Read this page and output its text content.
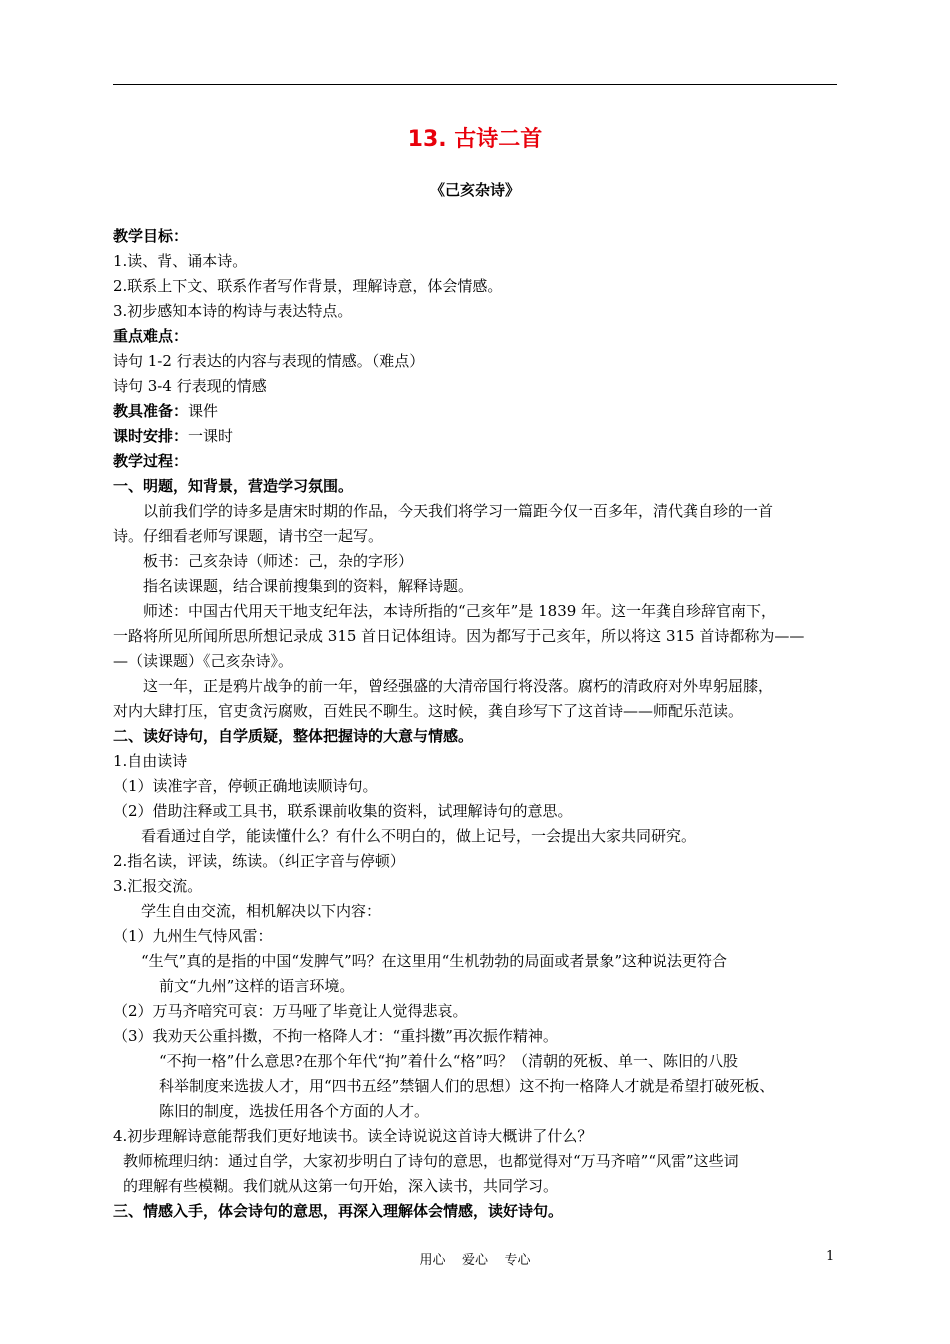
13. 古诗二首
《己亥杂诗》
教学目标：
1.读、背、诵本诗。
2.联系上下文、联系作者写作背景，理解诗意，体会情感。
3.初步感知本诗的构诗与表达特点。
重点难点：
诗句 1-2 行表达的内容与表现的情感。（难点）
诗句 3-4 行表现的情感
教具准备：课件
课时安排：一课时
教学过程：
一、明题，知背景，营造学习氛围。
以前我们学的诗多是唐宋时期的作品，今天我们将学习一篇距今仅一百多年，清代龚自珍的一首
诗。仔细看老师写课题，请书空一起写。
板书：己亥杂诗（师述：己，杂的字形）
指名读课题，结合课前搜集到的资料，解释诗题。
师述：中国古代用天干地支纪年法，本诗所指的“己亥年”是 1839 年。这一年龚自珍辞官南下，
一路将所见所闻所思所想记录成 315 首日记体组诗。因为都写于己亥年，所以将这 315 首诗都称为——
—（读课题）《己亥杂诗》。
这一年，正是鸦片战争的前一年，曾经强盛的大清帝国行将没落。腐朽的清政府对外卑躬屈膝，
对内大肆打压，官吏贪污腐败，百姓民不聊生。这时候，龚自珍写下了这首诗——师配乐范读。
二、读好诗句，自学质疑，整体把握诗的大意与情感。
1.自由读诗
（1）读准字音，停顿正确地读顺诗句。
（2）借助注释或工具书，联系课前收集的资料，试理解诗句的意思。
看看通过自学，能读懂什么？有什么不明白的，做上记号，一会提出大家共同研究。
2.指名读，评读，练读。（纠正字音与停顿）
3.汇报交流。
学生自由交流，相机解决以下内容：
（1）九州生气恃风雷：
“生气”真的是指的中国“发脾气”吗？在这里用“生机勃勃的局面或者景象”这种说法更符合
前文“九州”这样的语言环境。
（2）万马齐喑究可哀：万马哑了毕竟让人觉得悲哀。
（3）我劝天公重抖擞，不拘一格降人才：“重抖擞”再次振作精神。
“不拘一格”什么意思?在那个年代“拘”着什么“格”吗？（清朝的死板、单一、陈旧的八股
科举制度来选拔人才，用“四书五经”禁锢人们的思想）这不拘一格降人才就是希望打破死板、
陈旧的制度，选拔任用各个方面的人才。
4.初步理解诗意能帮我们更好地读书。读全诗说说这首诗大概讲了什么？
教师梳理归纳：通过自学，大家初步明白了诗句的意思，也都觉得对“万马齐喑”“风雷”这些词
的理解有些模糊。我们就从这第一句开始，深入读书，共同学习。
三、情感入手，体会诗句的意思，再深入理解体会情感，读好诗句。
用心    爱心    专心	1
